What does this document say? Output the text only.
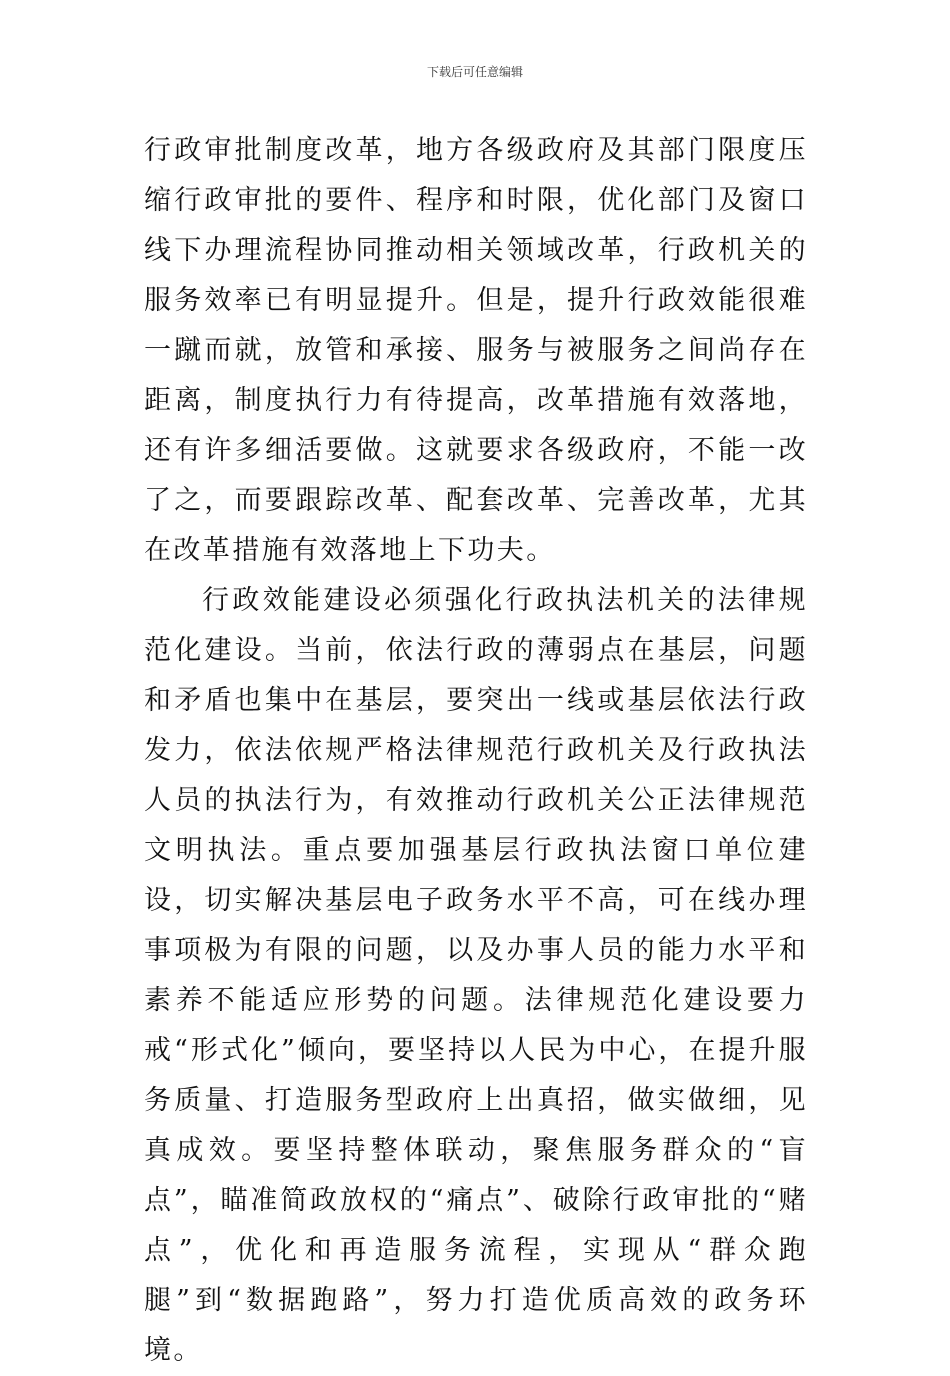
下载后可任意编辑

行政审批制度改革，地方各级政府及其部门限度压缩行政审批的要件、程序和时限，优化部门及窗口线下办理流程协同推动相关领域改革，行政机关的服务效率已有明显提升。但是，提升行政效能很难一蹴而就，放管和承接、服务与被服务之间尚存在距离，制度执行力有待提高，改革措施有效落地，还有许多细活要做。这就要求各级政府，不能一改了之，而要跟踪改革、配套改革、完善改革，尤其在改革措施有效落地上下功夫。

行政效能建设必须强化行政执法机关的法律规范化建设。当前，依法行政的薄弱点在基层，问题和矛盾也集中在基层，要突出一线或基层依法行政发力，依法依规严格法律规范行政机关及行政执法人员的执法行为，有效推动行政机关公正法律规范文明执法。重点要加强基层行政执法窗口单位建设，切实解决基层电子政务水平不高，可在线办理事项极为有限的问题，以及办事人员的能力水平和素养不能适应形势的问题。法律规范化建设要力戒“形式化”倾向，要坚持以人民为中心，在提升服务质量、打造服务型政府上出真招，做实做细，见真成效。要坚持整体联动，聚焦服务群众的“盲点”，瞄准简政放权的“痛点”、破除行政审批的“赌点”，优化和再造服务流程，实现从“群众跑腿”到“数据跑路”，努力打造优质高效的政务环境。
